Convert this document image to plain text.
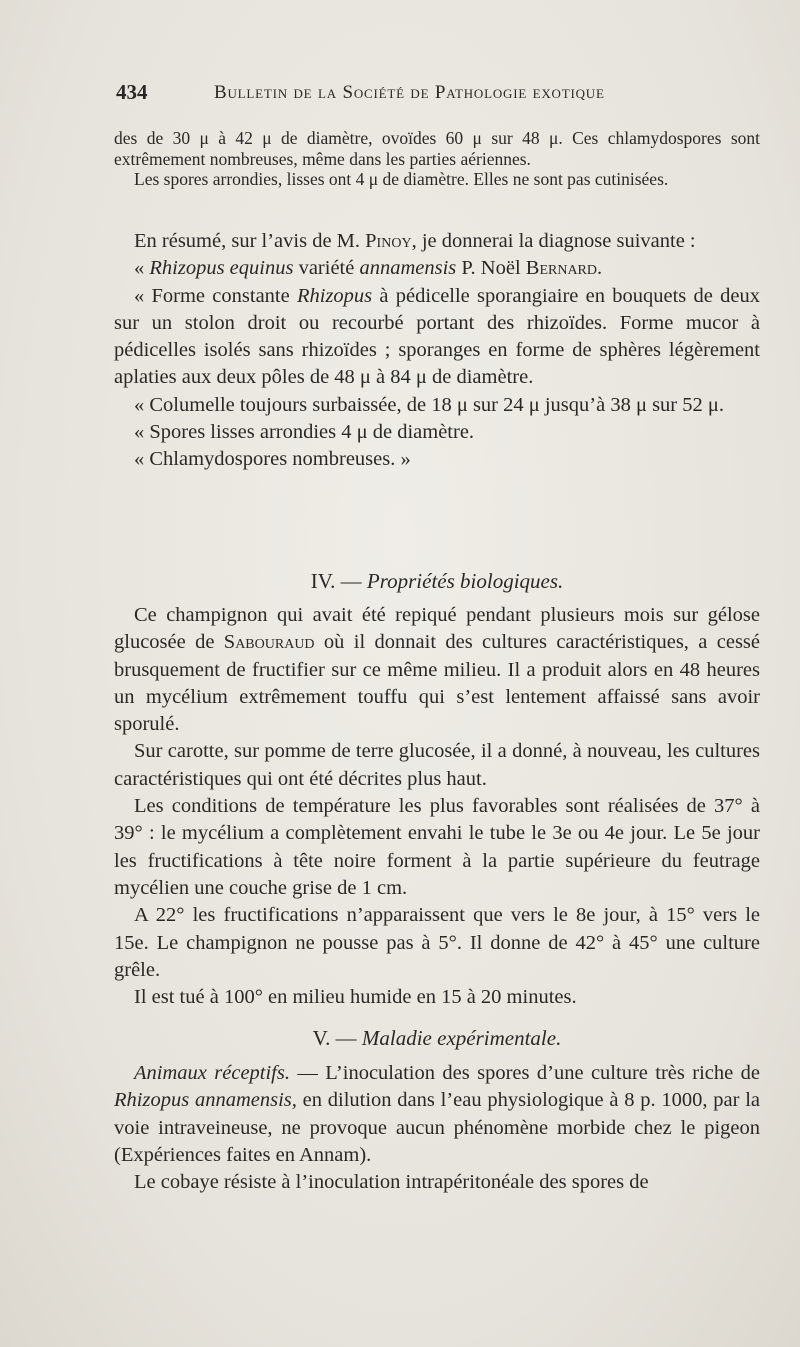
434	Bulletin de la Société de Pathologie exotique

des de 30 μ à 42 μ de diamètre, ovoïdes 60 μ sur 48 μ. Ces chlamydospores sont extrêmement nombreuses, même dans les parties aériennes.

Les spores arrondies, lisses ont 4 μ de diamètre. Elles ne sont pas cutinisées.

En résumé, sur l’avis de M. Pinoy, je donnerai la diagnose suivante :

« Rhizopus equinus variété annamensis P. Noël Bernard.

« Forme constante Rhizopus à pédicelle sporangiaire en bouquets de deux sur un stolon droit ou recourbé portant des rhizoïdes. Forme mucor à pédicelles isolés sans rhizoïdes ; sporanges en forme de sphères légèrement aplaties aux deux pôles de 48 μ à 84 μ de diamètre.

« Columelle toujours surbaissée, de 18 μ sur 24 μ jusqu’à 38 μ sur 52 μ.

« Spores lisses arrondies 4 μ de diamètre.

« Chlamydospores nombreuses. »

IV. — Propriétés biologiques.

Ce champignon qui avait été repiqué pendant plusieurs mois sur gélose glucosée de Sabouraud où il donnait des cultures caractéristiques, a cessé brusquement de fructifier sur ce même milieu. Il a produit alors en 48 heures un mycélium extrêmement touffu qui s’est lentement affaissé sans avoir sporulé.

Sur carotte, sur pomme de terre glucosée, il a donné, à nouveau, les cultures caractéristiques qui ont été décrites plus haut.

Les conditions de température les plus favorables sont réalisées de 37° à 39° : le mycélium a complètement envahi le tube le 3e ou 4e jour. Le 5e jour les fructifications à tête noire forment à la partie supérieure du feutrage mycélien une couche grise de 1 cm.

A 22° les fructifications n’apparaissent que vers le 8e jour, à 15° vers le 15e. Le champignon ne pousse pas à 5°. Il donne de 42° à 45° une culture grêle.

Il est tué à 100° en milieu humide en 15 à 20 minutes.

V. — Maladie expérimentale.

Animaux réceptifs. — L’inoculation des spores d’une culture très riche de Rhizopus annamensis, en dilution dans l’eau physiologique à 8 p. 1000, par la voie intraveineuse, ne provoque aucun phénomène morbide chez le pigeon (Expériences faites en Annam).

Le cobaye résiste à l’inoculation intrapéritonéale des spores de
